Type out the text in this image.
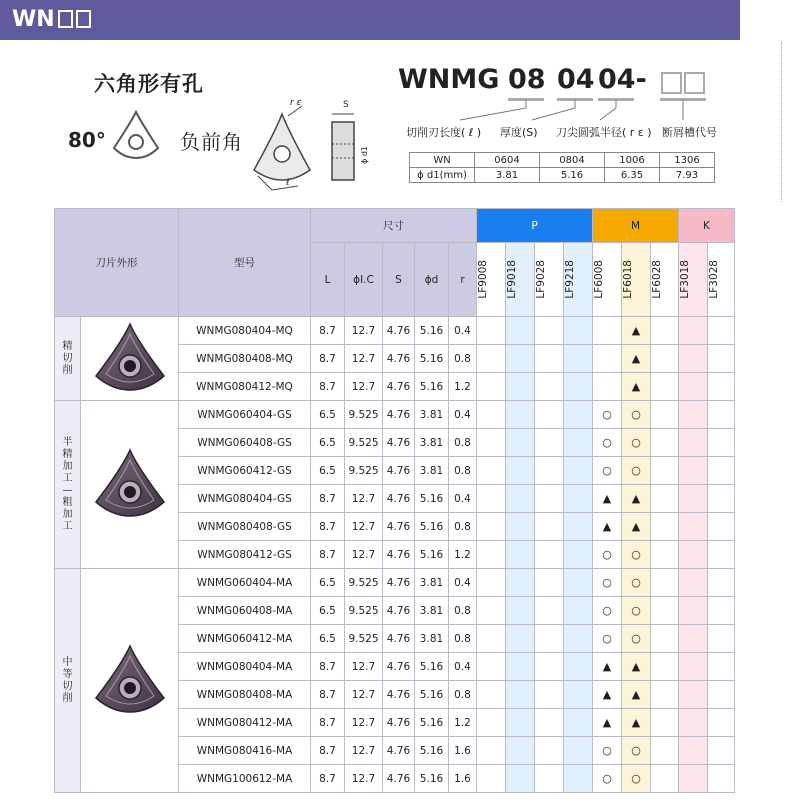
WN
六角形有孔
80°	负前角
r ε	S
ϕ d1
ℓ
WNMG 08 04 04-
切削刃长度( ℓ ) 厚度(S) 刀尖圆弧半径( r ε ) 断屑槽代号
WN	0604	0804	1006	1306
ϕ d1(mm)	3.81	5.16	6.35	7.93
刀片外形		型号	尺寸					P				M			K	
			L	ϕI.C	S	ϕd	r	LF9008	LF9018	LF9028	LF9218	LF6008	LF6018	LF6028	LF3018	LF3028

精切削		WNMG080404-MQ	8.7	12.7	4.76	5.16	0.4						▲			
		WNMG080408-MQ	8.7	12.7	4.76	5.16	0.8						▲			
		WNMG080412-MQ	8.7	12.7	4.76	5.16	1.2						▲			
半精加工—粗加工		WNMG060404-GS	6.5	9.525	4.76	3.81	0.4					○	○			
		WNMG060408-GS	6.5	9.525	4.76	3.81	0.8					○	○			
		WNMG060412-GS	6.5	9.525	4.76	3.81	0.8					○	○			
		WNMG080404-GS	8.7	12.7	4.76	5.16	0.4					▲	▲			
		WNMG080408-GS	8.7	12.7	4.76	5.16	0.8					▲	▲			
		WNMG080412-GS	8.7	12.7	4.76	5.16	1.2					○	○			
中等切削		WNMG060404-MA	6.5	9.525	4.76	3.81	0.4					○	○			
		WNMG060408-MA	6.5	9.525	4.76	3.81	0.8					○	○			
		WNMG060412-MA	6.5	9.525	4.76	3.81	0.8					○	○			
		WNMG080404-MA	8.7	12.7	4.76	5.16	0.4					▲	▲			
		WNMG080408-MA	8.7	12.7	4.76	5.16	0.8					▲	▲			
		WNMG080412-MA	8.7	12.7	4.76	5.16	1.2					▲	▲			
		WNMG080416-MA	8.7	12.7	4.76	5.16	1.6					○	○			
		WNMG100612-MA	8.7	12.7	4.76	5.16	1.6					○	○			
